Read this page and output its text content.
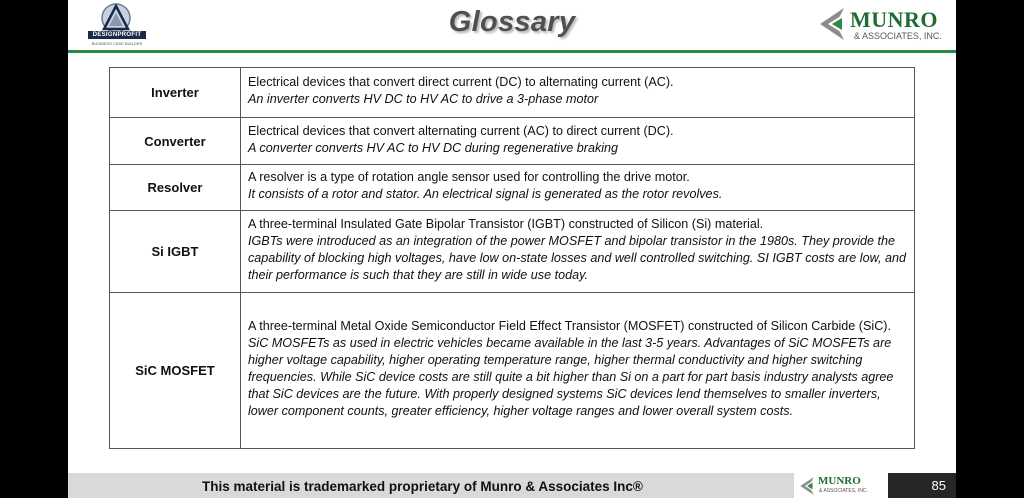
DESIGNPROFIT
BUSINESS CASE BUILDER
Glossary	MUNRO
& ASSOCIATES, INC.
Inverter	Electrical devices that convert direct current (DC) to alternating current (AC).
An inverter converts HV DC to HV AC to drive a 3-phase motor

Converter	Electrical devices that convert alternating current (AC) to direct current (DC).
A converter converts HV AC to HV DC during regenerative braking

Resolver	A resolver is a type of rotation angle sensor used for controlling the drive motor.
It consists of a rotor and stator. An electrical signal is generated as the rotor revolves.

Si IGBT	A three-terminal Insulated Gate Bipolar Transistor (IGBT) constructed of Silicon (Si) material.
IGBTs were introduced as an integration of the power MOSFET and bipolar transistor in the 1980s. They provide the capability of blocking high voltages, have low on-state losses and well controlled switching. SI IGBT costs are low, and their performance is such that they are still in wide use today.

SiC MOSFET	A three-terminal Metal Oxide Semiconductor Field Effect Transistor (MOSFET) constructed of Silicon Carbide (SiC).
SiC MOSFETs as used in electric vehicles became available in the last 3-5 years. Advantages of SiC MOSFETs are higher voltage capability, higher operating temperature range, higher thermal conductivity and higher switching frequencies. While SiC device costs are still quite a bit higher than Si on a part for part basis industry analysts agree that SiC devices are the future. With properly designed systems SiC devices lend themselves to smaller inverters, lower component counts, greater efficiency, higher voltage ranges and lower overall system costs.
This material is trademarked proprietary of Munro & Associates Inc®	MUNRO
& ASSOCIATES, INC.	85
